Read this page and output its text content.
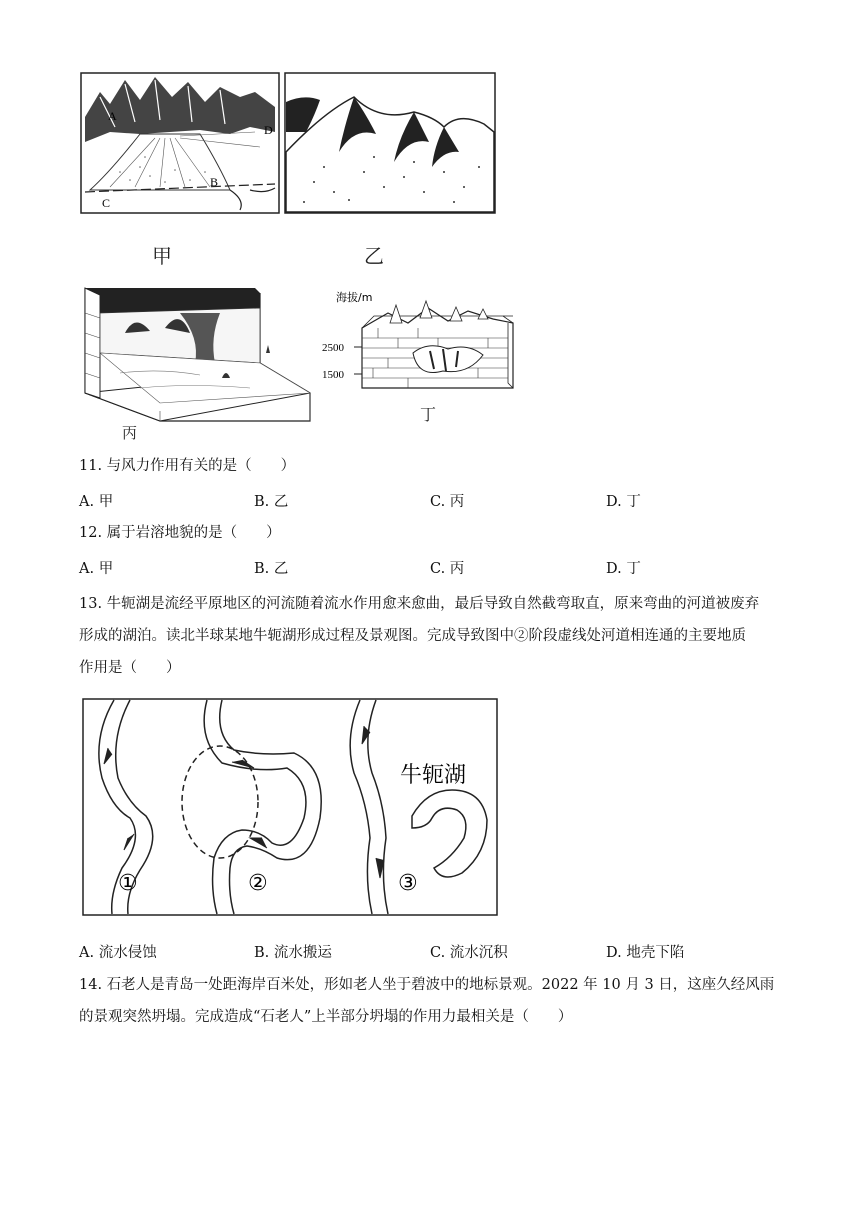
A
B
C
D
甲	乙
丙
海拔/m
2500
1500
丁
11. 与风力作用有关的是（　　）
A. 甲	B. 乙	C. 丙	D. 丁
12. 属于岩溶地貌的是（　　）
A. 甲	B. 乙	C. 丙	D. 丁
13. 牛轭湖是流经平原地区的河流随着流水作用愈来愈曲，最后导致自然截弯取直，原来弯曲的河道被废弃
形成的湖泊。读北半球某地牛轭湖形成过程及景观图。完成导致图中②阶段虚线处河道相连通的主要地质
作用是（　　）
①	②	③
牛轭湖
A. 流水侵蚀	B. 流水搬运	C. 流水沉积	D. 地壳下陷
14. 石老人是青岛一处距海岸百米处，形如老人坐于碧波中的地标景观。2022 年 10 月 3 日，这座久经风雨
的景观突然坍塌。完成造成“石老人”上半部分坍塌的作用力最相关是（　　）
